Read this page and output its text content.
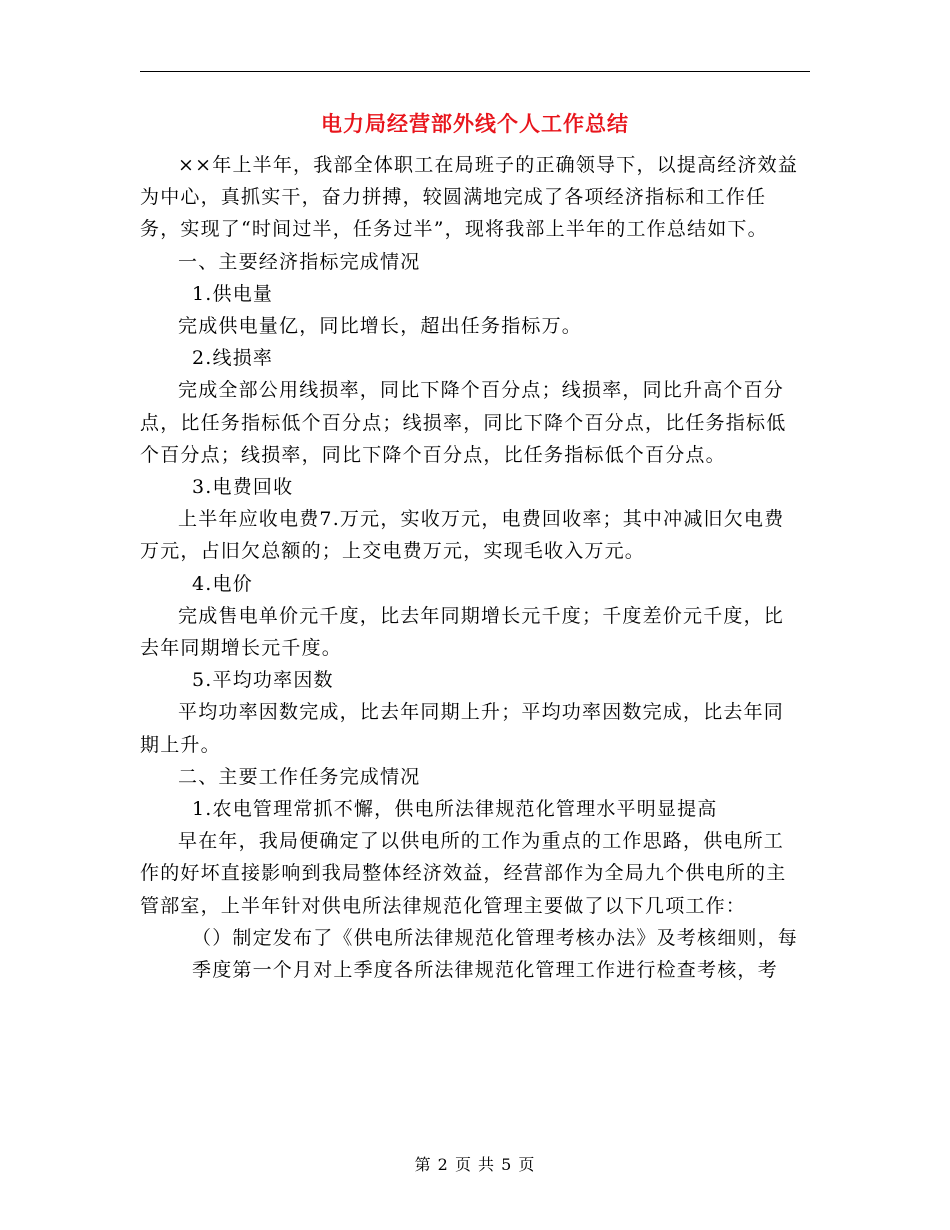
电力局经营部外线个人工作总结

××年上半年，我部全体职工在局班子的正确领导下，以提高经济效益为中心，真抓实干，奋力拼搏，较圆满地完成了各项经济指标和工作任务，实现了“时间过半，任务过半”，现将我部上半年的工作总结如下。

一、主要经济指标完成情况

1.供电量

完成供电量亿，同比增长，超出任务指标万。

2.线损率

完成全部公用线损率，同比下降个百分点；线损率，同比升高个百分点，比任务指标低个百分点；线损率，同比下降个百分点，比任务指标低个百分点；线损率，同比下降个百分点，比任务指标低个百分点。

3.电费回收

上半年应收电费7.万元，实收万元，电费回收率；其中冲减旧欠电费万元，占旧欠总额的；上交电费万元，实现毛收入万元。

4.电价

完成售电单价元千度，比去年同期增长元千度；千度差价元千度，比去年同期增长元千度。

5.平均功率因数

平均功率因数完成，比去年同期上升；平均功率因数完成，比去年同期上升。

二、主要工作任务完成情况

1.农电管理常抓不懈，供电所法律规范化管理水平明显提高

早在年，我局便确定了以供电所的工作为重点的工作思路，供电所工作的好坏直接影响到我局整体经济效益，经营部作为全局九个供电所的主管部室，上半年针对供电所法律规范化管理主要做了以下几项工作：

（）制定发布了《供电所法律规范化管理考核办法》及考核细则，每季度第一个月对上季度各所法律规范化管理工作进行检查考核，考

第 2 页 共 5 页
